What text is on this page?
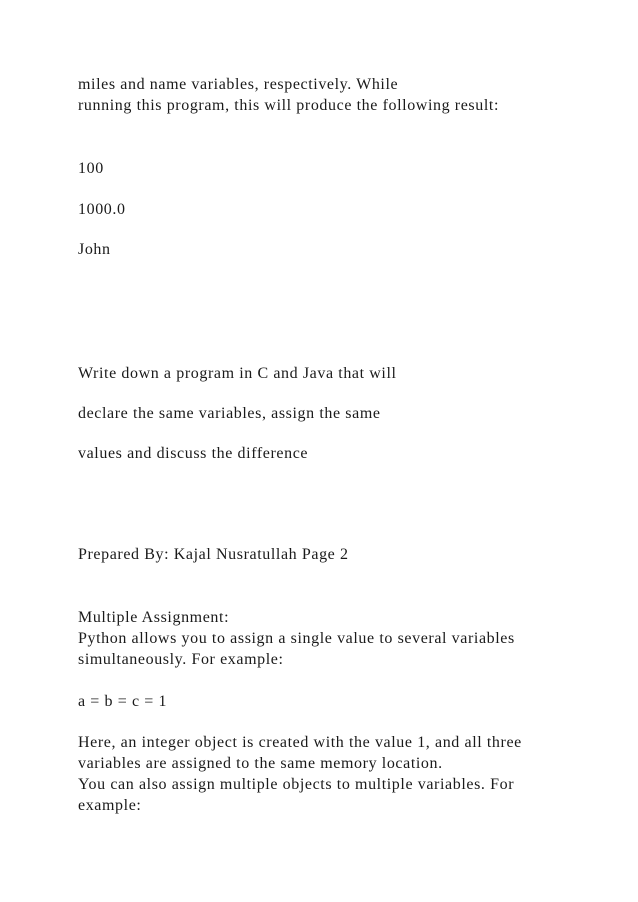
miles and name variables, respectively. While

running this program, this will produce the following result:

100

1000.0

John

Write down a program in C and Java that will

declare the same variables, assign the same

values and discuss the difference

Prepared By: Kajal Nusratullah Page 2

Multiple Assignment:

Python allows you to assign a single value to several variables

simultaneously. For example:

a = b = c = 1

Here, an integer object is created with the value 1, and all three

variables are assigned to the same memory location.

You can also assign multiple objects to multiple variables. For

example:
